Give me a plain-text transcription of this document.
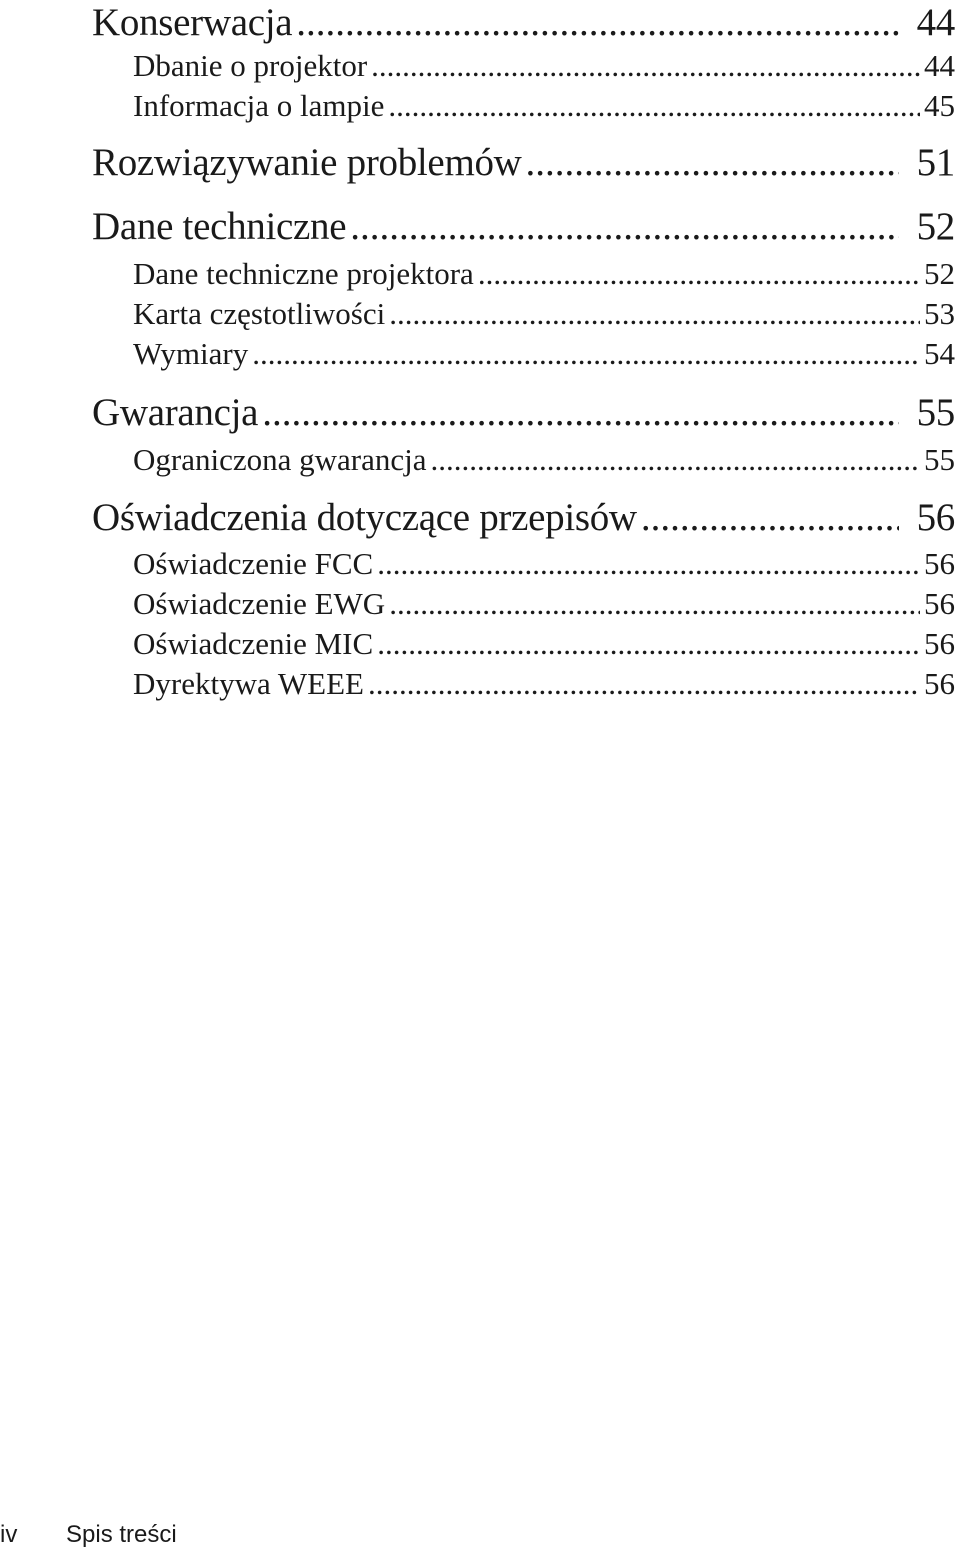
Konserwacja .....	44
Dbanie o projektor .....	44
Informacja o lampie .....	45
Rozwiązywanie problemów .....	51
Dane techniczne .....	52
Dane techniczne projektora .....	52
Karta częstotliwości .....	53
Wymiary .....	54
Gwarancja .....	55
Ograniczona gwarancja .....	55
Oświadczenia dotyczące przepisów .....	56
Oświadczenie FCC .....	56
Oświadczenie EWG .....	56
Oświadczenie MIC .....	56
Dyrektywa WEEE .....	56
iv Spis treści
